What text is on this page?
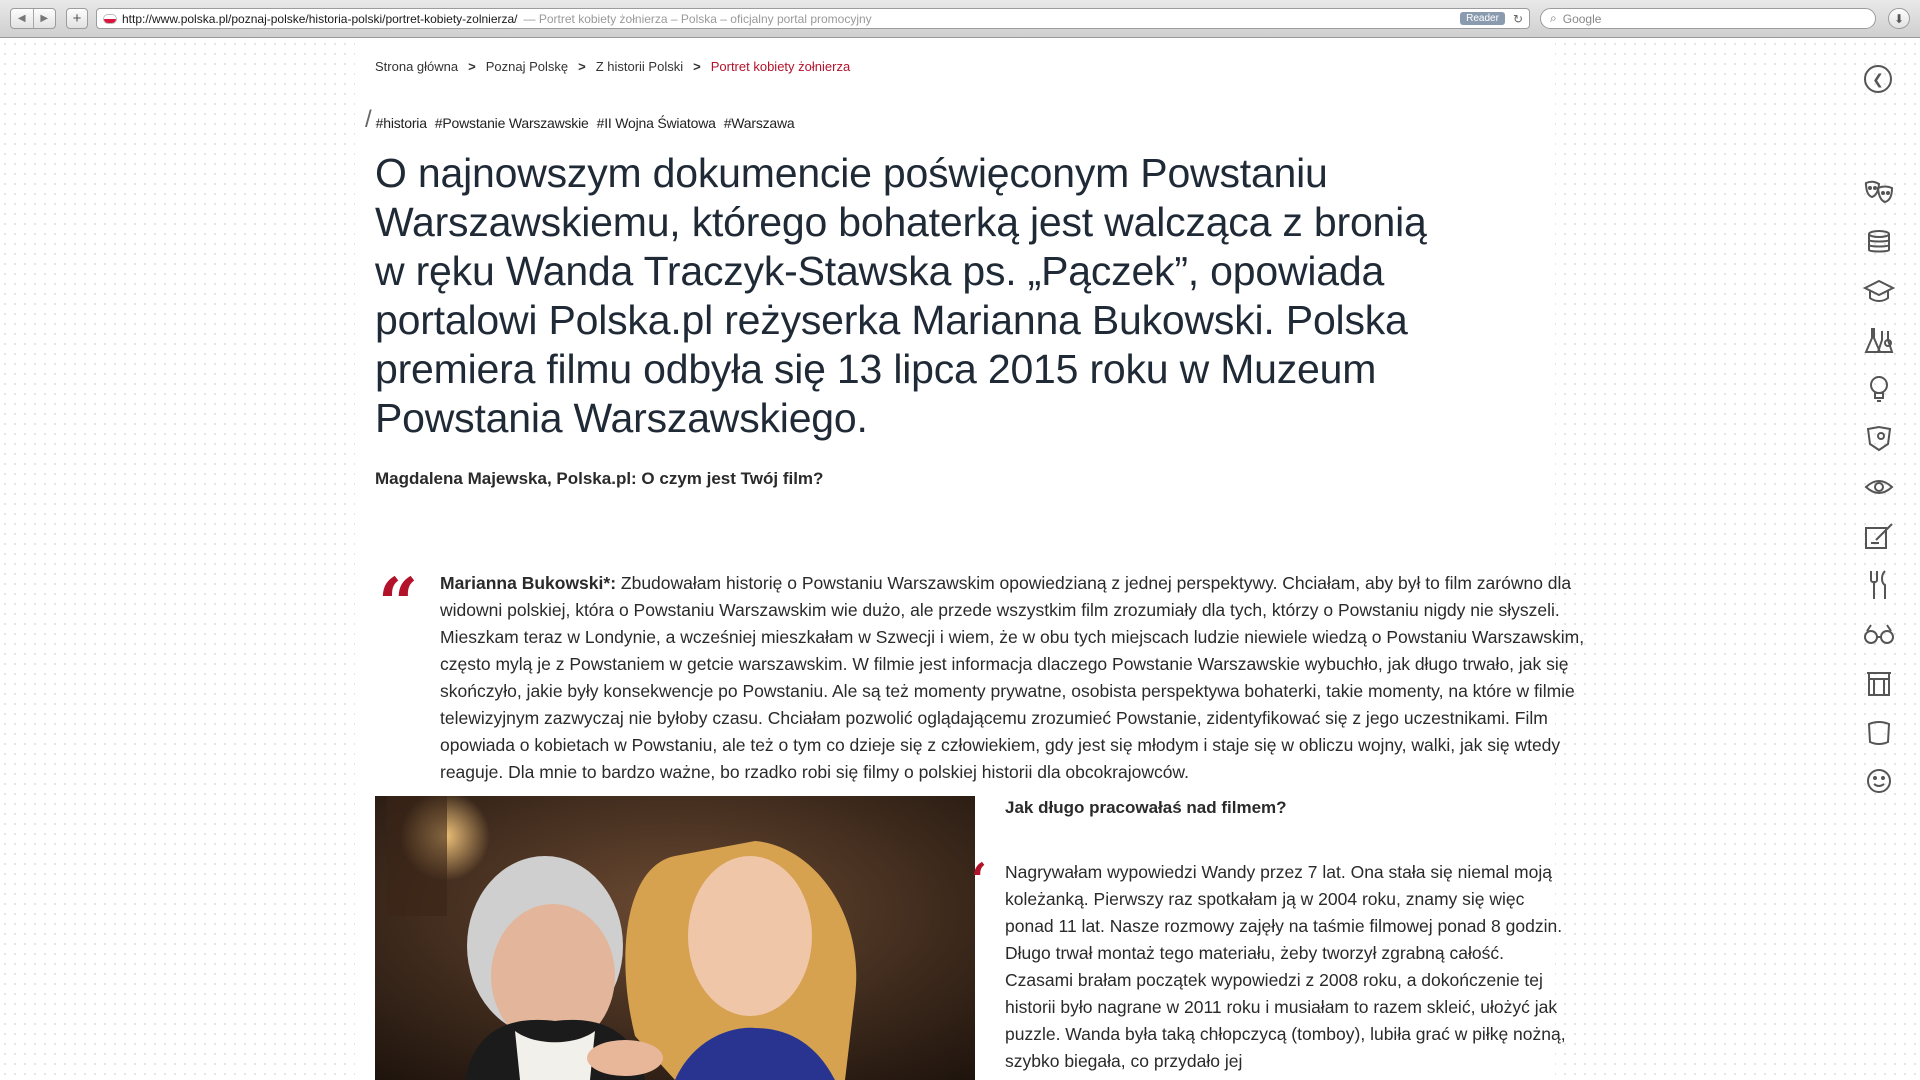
◀ ▶ +	http://www.polska.pl/poznaj-polske/historia-polski/portret-kobiety-zolnierza/ — Portret kobiety żołnierza – Polska – oficjalny portal promocyjny	Reader	↻ ⌕ Google	⬇
Strona główna > Poznaj Polskę > Z historii Polski > Portret kobiety żołnierza
/ #historia #Powstanie Warszawskie #II Wojna Światowa #Warszawa
O najnowszym dokumencie poświęconym Powstaniu Warszawskiemu, którego bohaterką jest walcząca z bronią w ręku Wanda Traczyk-Stawska ps. „Pączek”, opowiada portalowi Polska.pl reżyserka Marianna Bukowski. Polska premiera filmu odbyła się 13 lipca 2015 roku w Muzeum Powstania Warszawskiego.
Magdalena Majewska, Polska.pl: O czym jest Twój film?
“ Marianna Bukowski*: Zbudowałam historię o Powstaniu Warszawskim opowiedzianą z jednej perspektywy. Chciałam, aby był to film zarówno dla widowni polskiej, która o Powstaniu Warszawskim wie dużo, ale przede wszystkim film zrozumiały dla tych, którzy o Powstaniu nigdy nie słyszeli. Mieszkam teraz w Londynie, a wcześniej mieszkałam w Szwecji i wiem, że w obu tych miejscach ludzie niewiele wiedzą o Powstaniu Warszawskim, często mylą je z Powstaniem w getcie warszawskim. W filmie jest informacja dlaczego Powstanie Warszawskie wybuchło, jak długo trwało, jak się skończyło, jakie były konsekwencje po Powstaniu. Ale są też momenty prywatne, osobista perspektywa bohaterki, takie momenty, na które w filmie telewizyjnym zazwyczaj nie byłoby czasu. Chciałam pozwolić oglądającemu zrozumieć Powstanie, zidentyfikować się z jego uczestnikami. Film opowiada o kobietach w Powstaniu, ale też o tym co dzieje się z człowiekiem, gdy jest się młodym i staje się w obliczu wojny, walki, jak się wtedy reaguje. Dla mnie to bardzo ważne, bo rzadko robi się filmy o polskiej historii dla obcokrajowców.

Jak długo pracowałaś nad filmem?
‘ Nagrywałam wypowiedzi Wandy przez 7 lat. Ona stała się niemal moją koleżanką. Pierwszy raz spotkałam ją w 2004 roku, znamy się więc ponad 11 lat. Nasze rozmowy zajęły na taśmie filmowej ponad 8 godzin. Długo trwał montaż tego materiału, żeby tworzył zgrabną całość. Czasami brałam początek wypowiedzi z 2008 roku, a dokończenie tej historii było nagrane w 2011 roku i musiałam to razem skleić, ułożyć jak puzzle. Wanda była taką chłopczycą (tomboy), lubiła grać w piłkę nożną, szybko biegała, co przydało jej

❮
